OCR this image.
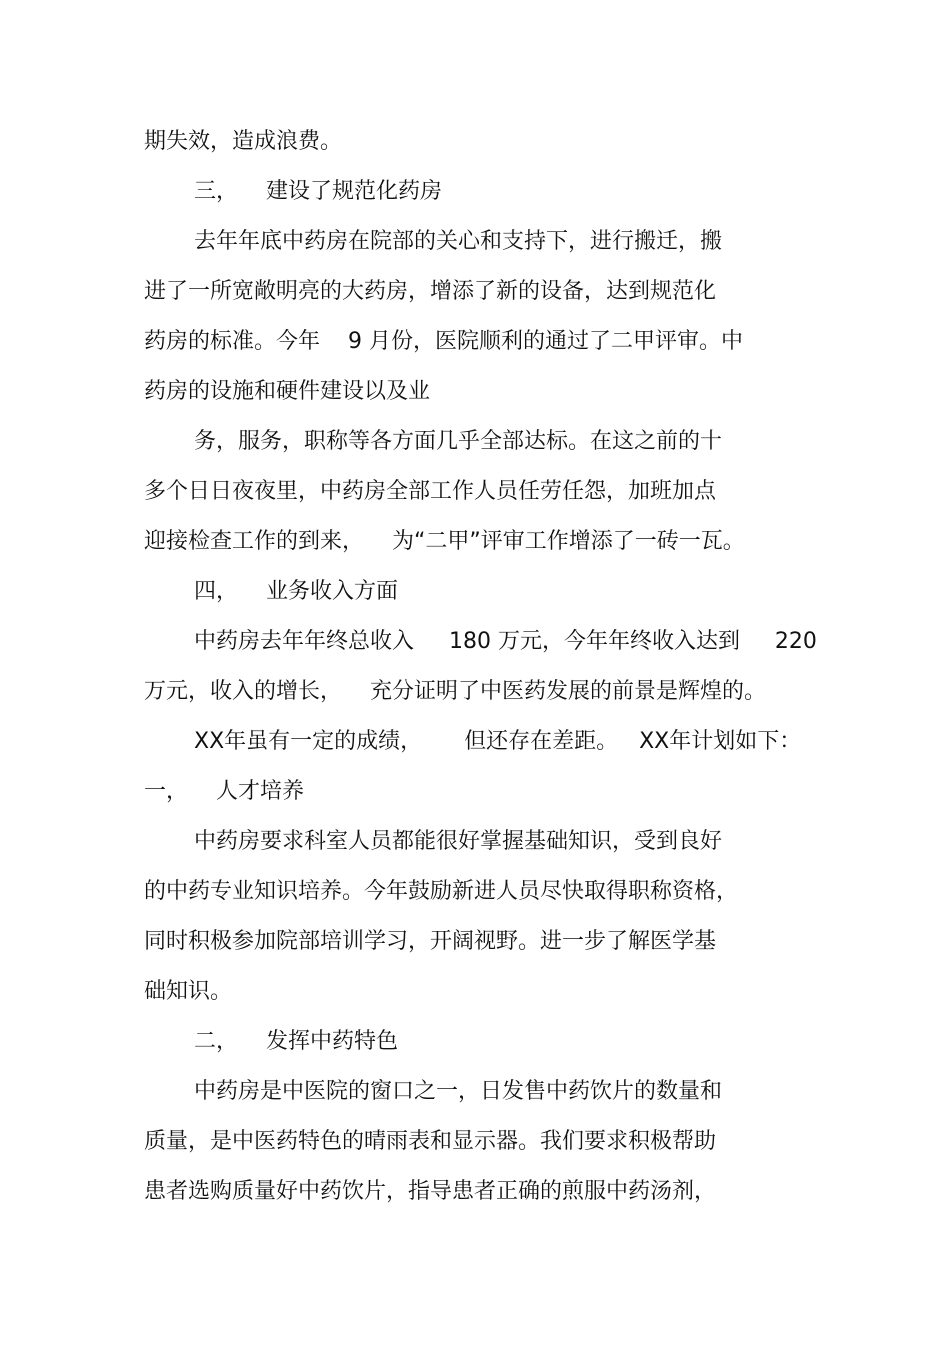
期失效，造成浪费。
三，    建设了规范化药房
去年年底中药房在院部的关心和支持下，进行搬迁，搬
进了一所宽敞明亮的大药房，增添了新的设备，达到规范化
药房的标准。今年    9 月份，医院顺利的通过了二甲评审。中
药房的设施和硬件建设以及业
务，服务，职称等各方面几乎全部达标。在这之前的十
多个日日夜夜里，中药房全部工作人员任劳任怨，加班加点
迎接检查工作的到来，    为“二甲”评审工作增添了一砖一瓦。
四，    业务收入方面
中药房去年年终总收入     180 万元，今年年终收入达到     220
万元，收入的增长，    充分证明了中医药发展的前景是辉煌的。
XX年虽有一定的成绩，      但还存在差距。   XX年计划如下：
一，    人才培养
中药房要求科室人员都能很好掌握基础知识，受到良好
的中药专业知识培养。今年鼓励新进人员尽快取得职称资格，
同时积极参加院部培训学习，开阔视野。进一步了解医学基
础知识。
二，    发挥中药特色
中药房是中医院的窗口之一，日发售中药饮片的数量和
质量，是中医药特色的晴雨表和显示器。我们要求积极帮助
患者选购质量好中药饮片，指导患者正确的煎服中药汤剂，
